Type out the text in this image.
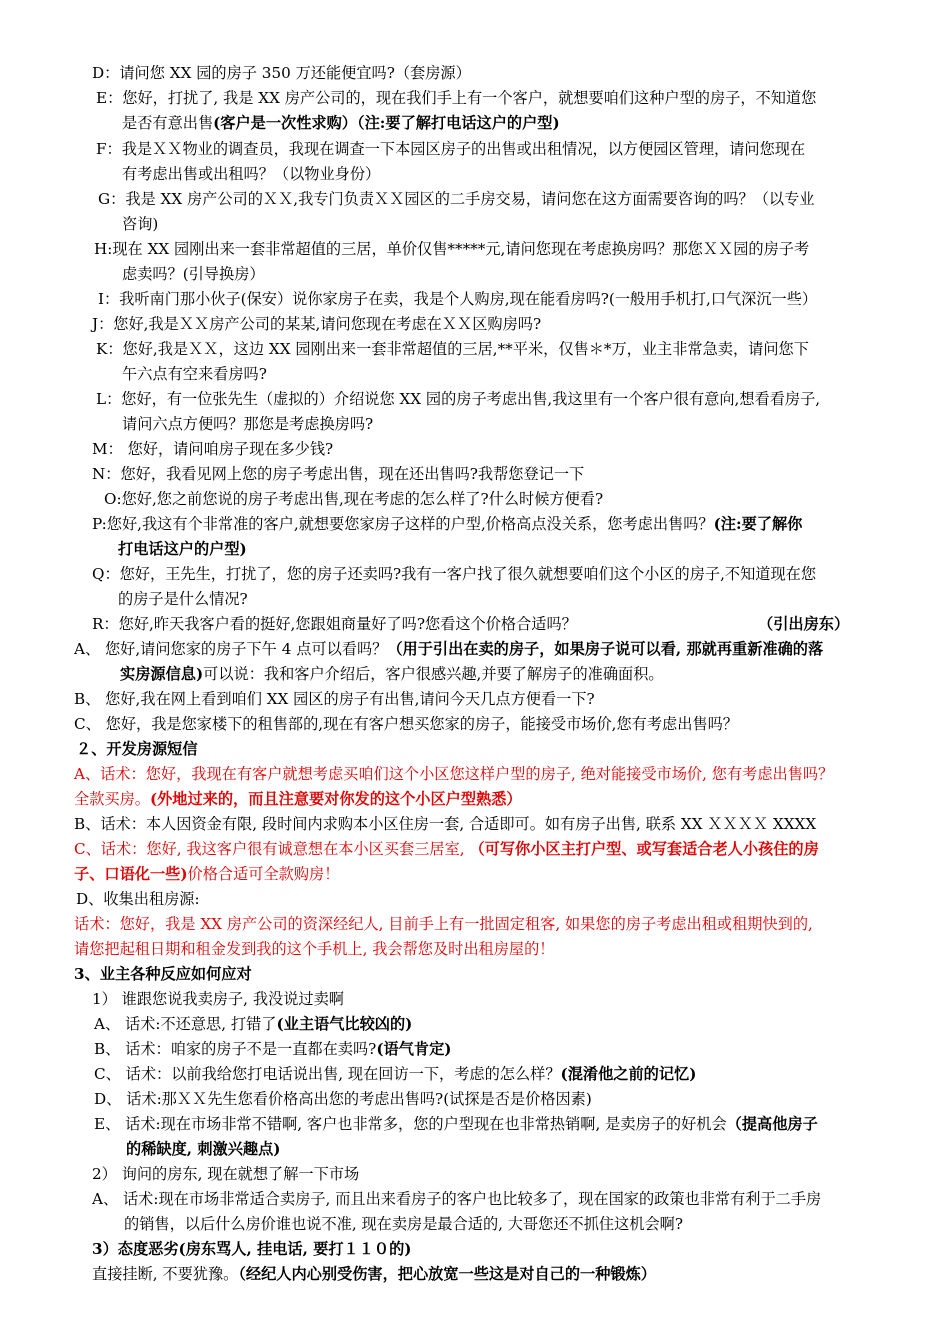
D：请问您 XX 园的房子 350 万还能便宜吗?（套房源）
E：您好，打扰了, 我是 XX 房产公司的，现在我们手上有一个客户，就想要咱们这种户型的房子，不知道您
是否有意出售(客户是一次性求购）（注:要了解打电话这户的户型)
F：我是ＸＸ物业的调查员，我现在调查一下本园区房子的出售或出租情况，以方便园区管理，请问您现在
有考虑出售或出租吗？（以物业身份）
G：我是 XX 房产公司的ＸＸ,我专门负责ＸＸ园区的二手房交易，请问您在这方面需要咨询的吗？（以专业
咨询)
H:现在 XX 园刚出来一套非常超值的三居，单价仅售*****元,请问您现在考虑换房吗？那您ＸＸ园的房子考
虑卖吗？(引导换房）
I：我听南门那小伙子(保安）说你家房子在卖，我是个人购房,现在能看房吗?(一般用手机打,口气深沉一些）
J：您好,我是ＸＸ房产公司的某某,请问您现在考虑在ＸＸ区购房吗?
K：您好,我是ＸＸ，这边 XX 园刚出来一套非常超值的三居,**平米，仅售＊*万，业主非常急卖，请问您下
午六点有空来看房吗?
L：您好，有一位张先生（虚拟的）介绍说您 XX 园的房子考虑出售,我这里有一个客户很有意向,想看看房子,
请问六点方便吗？那您是考虑换房吗?
M： 您好，请问咱房子现在多少钱?
N：您好，我看见网上您的房子考虑出售，现在还出售吗?我帮您登记一下
O:您好,您之前您说的房子考虑出售,现在考虑的怎么样了?什么时候方便看?
P:您好,我这有个非常准的客户,就想要您家房子这样的户型,价格高点没关系，您考虑出售吗？(注:要了解你
打电话这户的户型)
Q：您好，王先生，打扰了，您的房子还卖吗?我有一客户找了很久就想要咱们这个小区的房子,不知道现在您
的房子是什么情况?
R：您好,昨天我客户看的挺好,您跟姐商量好了吗?您看这个价格合适吗？	（引出房东）
A、 您好,请问您家的房子下午 4 点可以看吗？（用于引出在卖的房子，如果房子说可以看, 那就再重新准确的落
实房源信息)可以说：我和客户介绍后，客户很感兴趣,并要了解房子的准确面积。
B、 您好,我在网上看到咱们 XX 园区的房子有出售,请问今天几点方便看一下?
C、 您好，我是您家楼下的租售部的,现在有客户想买您家的房子，能接受市场价,您有考虑出售吗？
２、开发房源短信
A、话术：您好，我现在有客户就想考虑买咱们这个小区您这样户型的房子, 绝对能接受市场价, 您有考虑出售吗？
全款买房。(外地过来的，而且注意要对你发的这个小区户型熟悉）
B、话术：本人因资金有限, 段时间内求购本小区住房一套, 合适即可。如有房子出售, 联系 XX ＸＸＸＸ XXXX
C、话术：您好, 我这客户很有诚意想在本小区买套三居室, （可写你小区主打户型、或写套适合老人小孩住的房
子、口语化一些)价格合适可全款购房！
D、收集出租房源:
话术：您好，我是 XX 房产公司的资深经纪人, 目前手上有一批固定租客, 如果您的房子考虑出租或租期快到的,
请您把起租日期和租金发到我的这个手机上, 我会帮您及时出租房屋的！
3、业主各种反应如何应对
1） 谁跟您说我卖房子, 我没说过卖啊
A、 话术:不还意思, 打错了(业主语气比较凶的)
B、 话术：咱家的房子不是一直都在卖吗?(语气肯定)
C、 话术：以前我给您打电话说出售, 现在回访一下，考虑的怎么样？(混淆他之前的记忆)
D、 话术:那ＸＸ先生您看价格高出您的考虑出售吗?(试探是否是价格因素)
E、 话术:现在市场非常不错啊, 客户也非常多，您的户型现在也非常热销啊, 是卖房子的好机会（提高他房子
的稀缺度, 刺激兴趣点)
2） 询问的房东, 现在就想了解一下市场
A、 话术:现在市场非常适合卖房子, 而且出来看房子的客户也比较多了，现在国家的政策也非常有利于二手房
的销售，以后什么房价谁也说不准, 现在卖房是最合适的, 大哥您还不抓住这机会啊?
3）态度恶劣(房东骂人, 挂电话, 要打１１０的)
直接挂断, 不要犹豫。（经纪人内心别受伤害，把心放宽一些这是对自己的一种锻炼）
